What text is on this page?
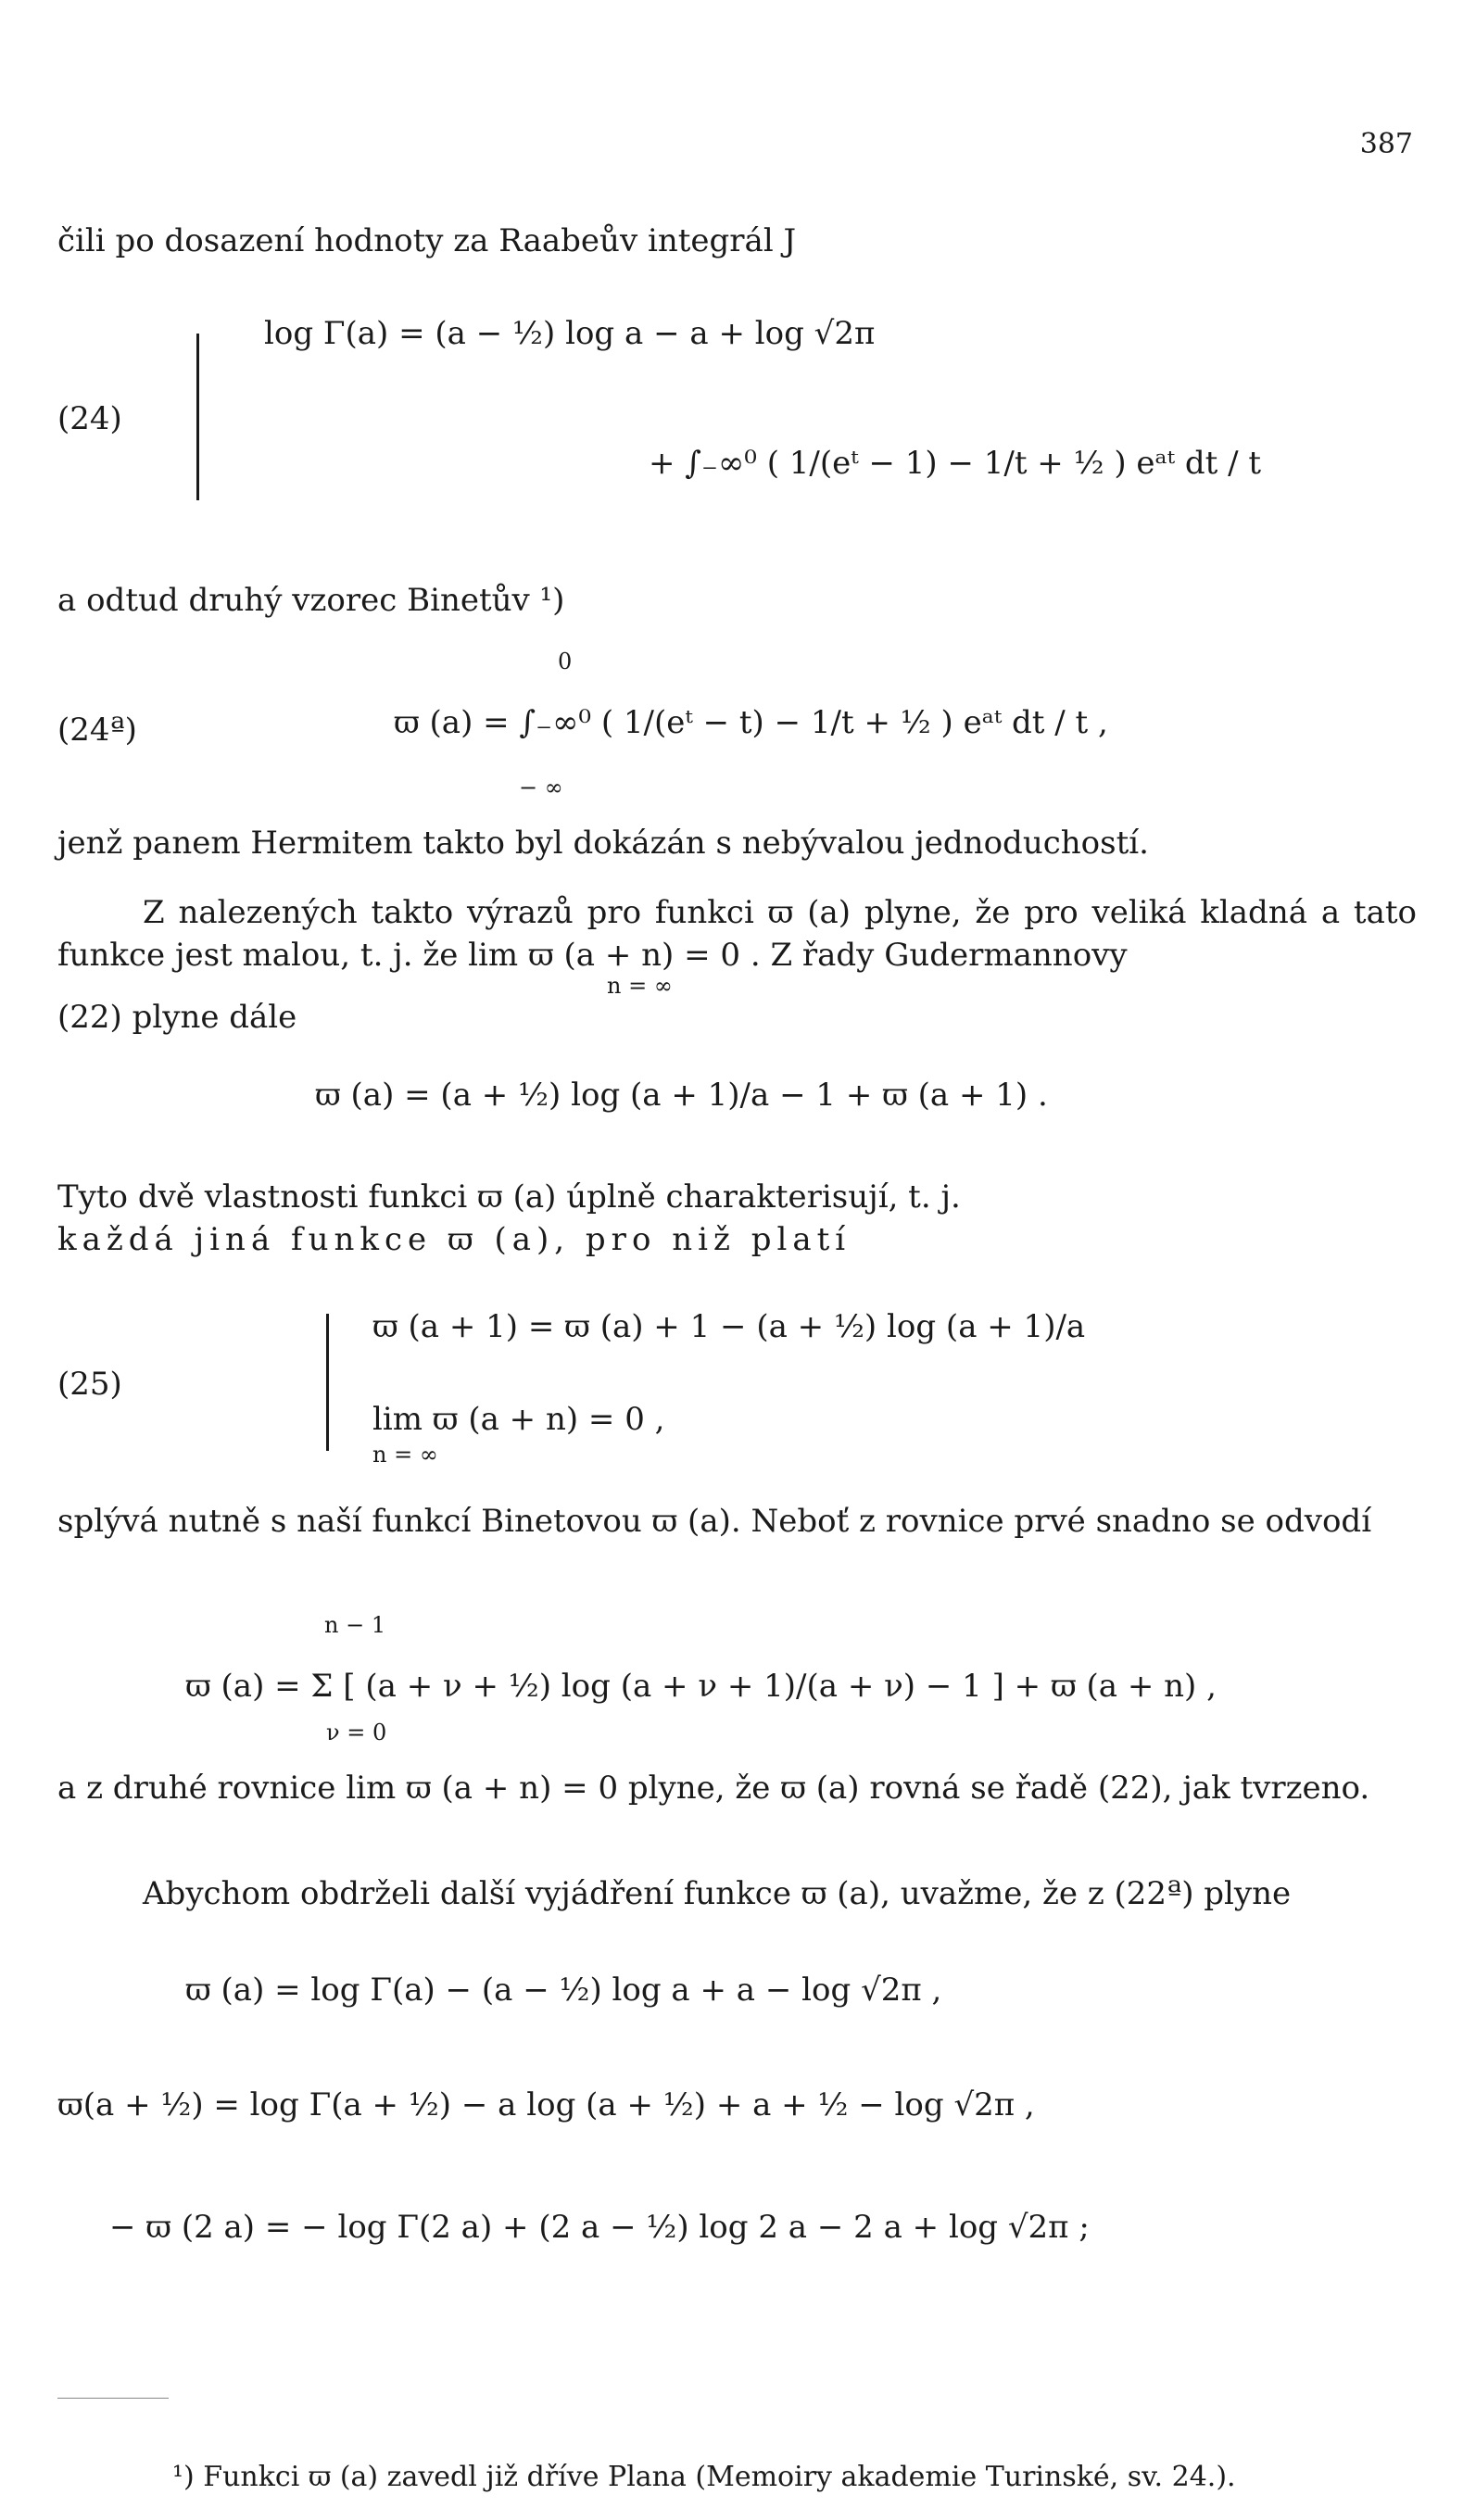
387
čili po dosazení hodnoty za Raabeův integrál J
(24)
log Γ(a) = (a − ½) log a − a + log √2π
+ ∫₋∞⁰ ( 1/(eᵗ − 1) − 1/t + ½ ) eᵃᵗ dt / t
a odtud druhý vzorec Binetův ¹)
(24ª)
0
ϖ (a) = ∫₋∞⁰ ( 1/(eᵗ − t) − 1/t + ½ ) eᵃᵗ dt / t ,
− ∞
jenž panem Hermitem takto byl dokázán s nebývalou jednoduchostí.
Z nalezených takto výrazů pro funkci ϖ (a) plyne, že pro veliká kladná a tato funkce jest malou, t. j. že lim ϖ (a + n) = 0 . Z řady Gudermannovy
n = ∞
(22) plyne dále
ϖ (a) = (a + ½) log (a + 1)/a − 1 + ϖ (a + 1) .
Tyto dvě vlastnosti funkci ϖ (a) úplně charakterisují, t. j.
každá jiná funkce ϖ (a), pro niž platí
(25)
ϖ (a + 1) = ϖ (a) + 1 − (a + ½) log (a + 1)/a
lim ϖ (a + n) = 0 ,
n = ∞
splývá nutně s naší funkcí Binetovou ϖ (a). Neboť z rovnice prvé snadno se odvodí
n − 1
ϖ (a) = Σ [ (a + ν + ½) log (a + ν + 1)/(a + ν) − 1 ] + ϖ (a + n) ,
ν = 0
a z druhé rovnice lim ϖ (a + n) = 0 plyne, že ϖ (a) rovná se řadě (22), jak tvrzeno.
Abychom obdrželi další vyjádření funkce ϖ (a), uvažme, že z (22ª) plyne
ϖ (a) = log Γ(a) − (a − ½) log a + a − log √2π ,
ϖ(a + ½) = log Γ(a + ½) − a log (a + ½) + a + ½ − log √2π ,
− ϖ (2 a) = − log Γ(2 a) + (2 a − ½) log 2 a − 2 a + log √2π ;
¹) Funkci ϖ (a) zavedl již dříve Plana (Memoiry akademie Turinské, sv. 24.).
